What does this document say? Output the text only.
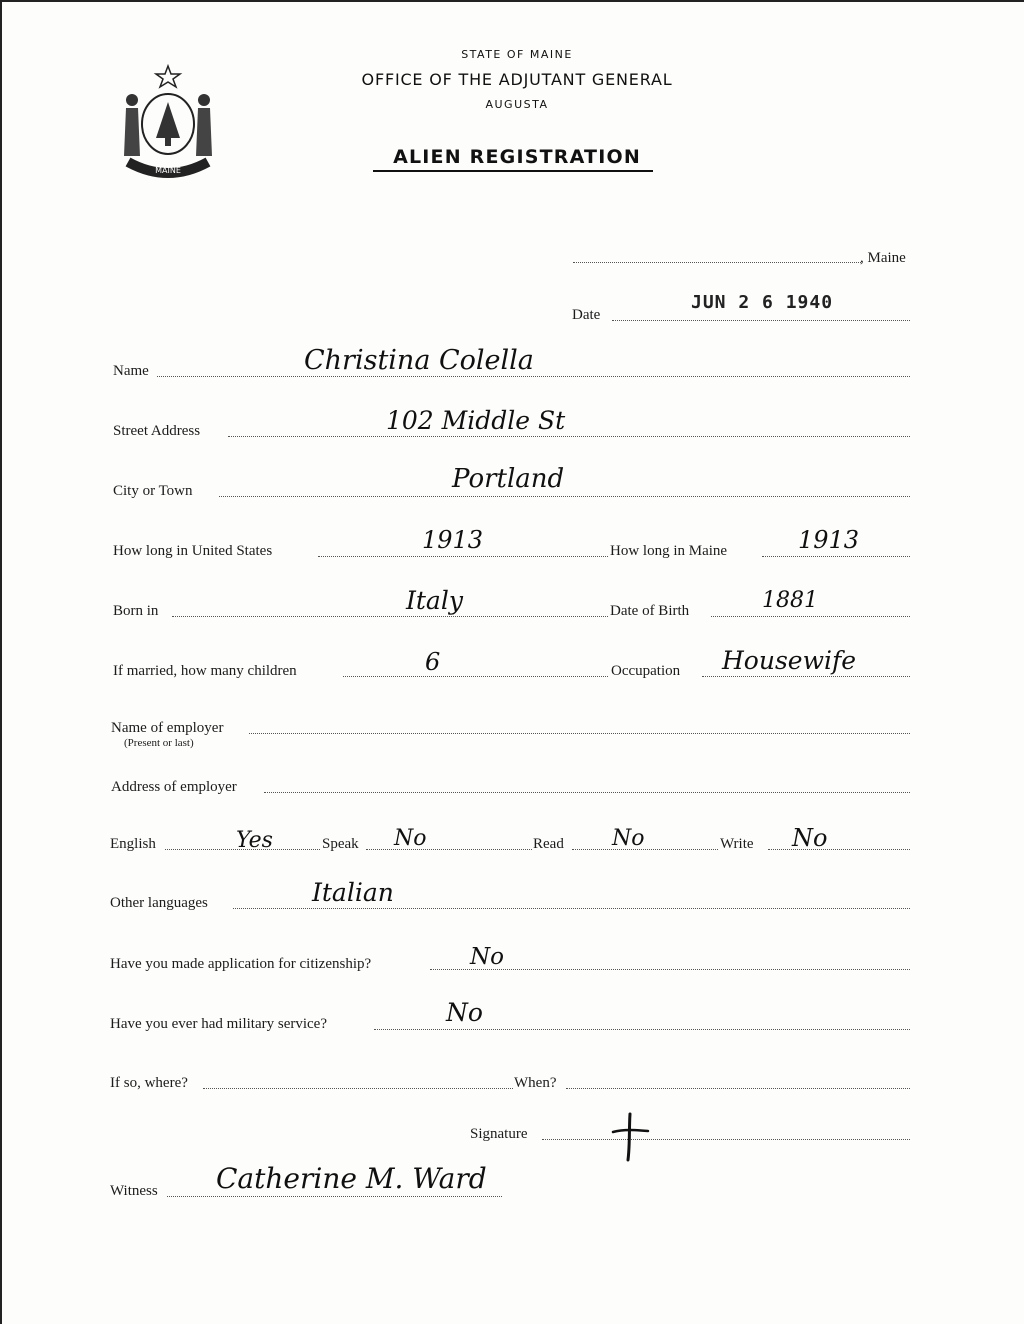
MAINE
STATE OF MAINE
OFFICE OF THE ADJUTANT GENERAL
AUGUSTA
ALIEN REGISTRATION
, Maine
Date
JUN 2 6 1940
Name	Christina Colella
Street Address	102 Middle St
City or Town	Portland
How long in United States	1913	How long in Maine	1913
Born in	Italy	Date of Birth	1881
If married, how many children	6	Occupation Housewife
Name of employer
(Present or last)
Address of employer
English	Yes	Speak No	Read No	Write No
Other languages	Italian
Have you made application for citizenship?	No
Have you ever had military service?	No
If so, where?	When?
Signature
Witness Catherine M. Ward
